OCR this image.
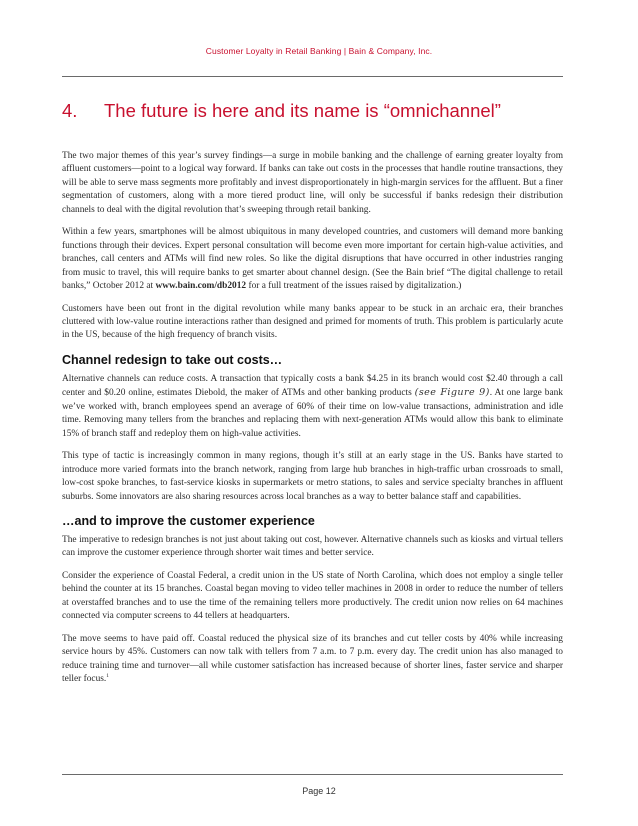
Customer Loyalty in Retail Banking | Bain & Company, Inc.
4. The future is here and its name is “omnichannel”

The two major themes of this year’s survey findings—a surge in mobile banking and the challenge of earning greater loyalty from affluent customers—point to a logical way forward. If banks can take out costs in the processes that handle routine transactions, they will be able to serve mass segments more profitably and invest disproportionately in high-margin services for the affluent. But a finer segmentation of customers, along with a more tiered product line, will only be successful if banks redesign their distribution channels to deal with the digital revolution that’s sweeping through retail banking.

Within a few years, smartphones will be almost ubiquitous in many developed countries, and customers will demand more banking functions through their devices. Expert personal consultation will become even more important for certain high-value activities, and branches, call centers and ATMs will find new roles. So like the digital disruptions that have occurred in other industries ranging from music to travel, this will require banks to get smarter about channel design. (See the Bain brief “The digital challenge to retail banks,” October 2012 at www.bain.com/db2012 for a full treatment of the issues raised by digitalization.)

Customers have been out front in the digital revolution while many banks appear to be stuck in an archaic era, their branches cluttered with low-value routine interactions rather than designed and primed for moments of truth. This problem is particularly acute in the US, because of the high frequency of branch visits.

Channel redesign to take out costs…

Alternative channels can reduce costs. A transaction that typically costs a bank $4.25 in its branch would cost $2.40 through a call center and $0.20 online, estimates Diebold, the maker of ATMs and other banking products (see Figure 9). At one large bank we’ve worked with, branch employees spend an average of 60% of their time on low-value transactions, administration and idle time. Removing many tellers from the branches and replacing them with next-generation ATMs would allow this bank to eliminate 15% of branch staff and redeploy them on high-value activities.

This type of tactic is increasingly common in many regions, though it’s still at an early stage in the US. Banks have started to introduce more varied formats into the branch network, ranging from large hub branches in high-traffic urban crossroads to small, low-cost spoke branches, to fast-service kiosks in supermarkets or metro stations, to sales and service specialty branches in affluent suburbs. Some innovators are also sharing resources across local branches as a way to better balance staff and capabilities.

…and to improve the customer experience

The imperative to redesign branches is not just about taking out cost, however. Alternative channels such as kiosks and virtual tellers can improve the customer experience through shorter wait times and better service.

Consider the experience of Coastal Federal, a credit union in the US state of North Carolina, which does not employ a single teller behind the counter at its 15 branches. Coastal began moving to video teller machines in 2008 in order to reduce the number of tellers at overstaffed branches and to use the time of the remaining tellers more productively. The credit union now relies on 64 machines connected via computer screens to 44 tellers at headquarters.

The move seems to have paid off. Coastal reduced the physical size of its branches and cut teller costs by 40% while increasing service hours by 45%. Customers can now talk with tellers from 7 a.m. to 7 p.m. every day. The credit union has also managed to reduce training time and turnover—all while customer satisfaction has increased because of shorter lines, faster service and sharper teller focus.$^1$

Page 12
